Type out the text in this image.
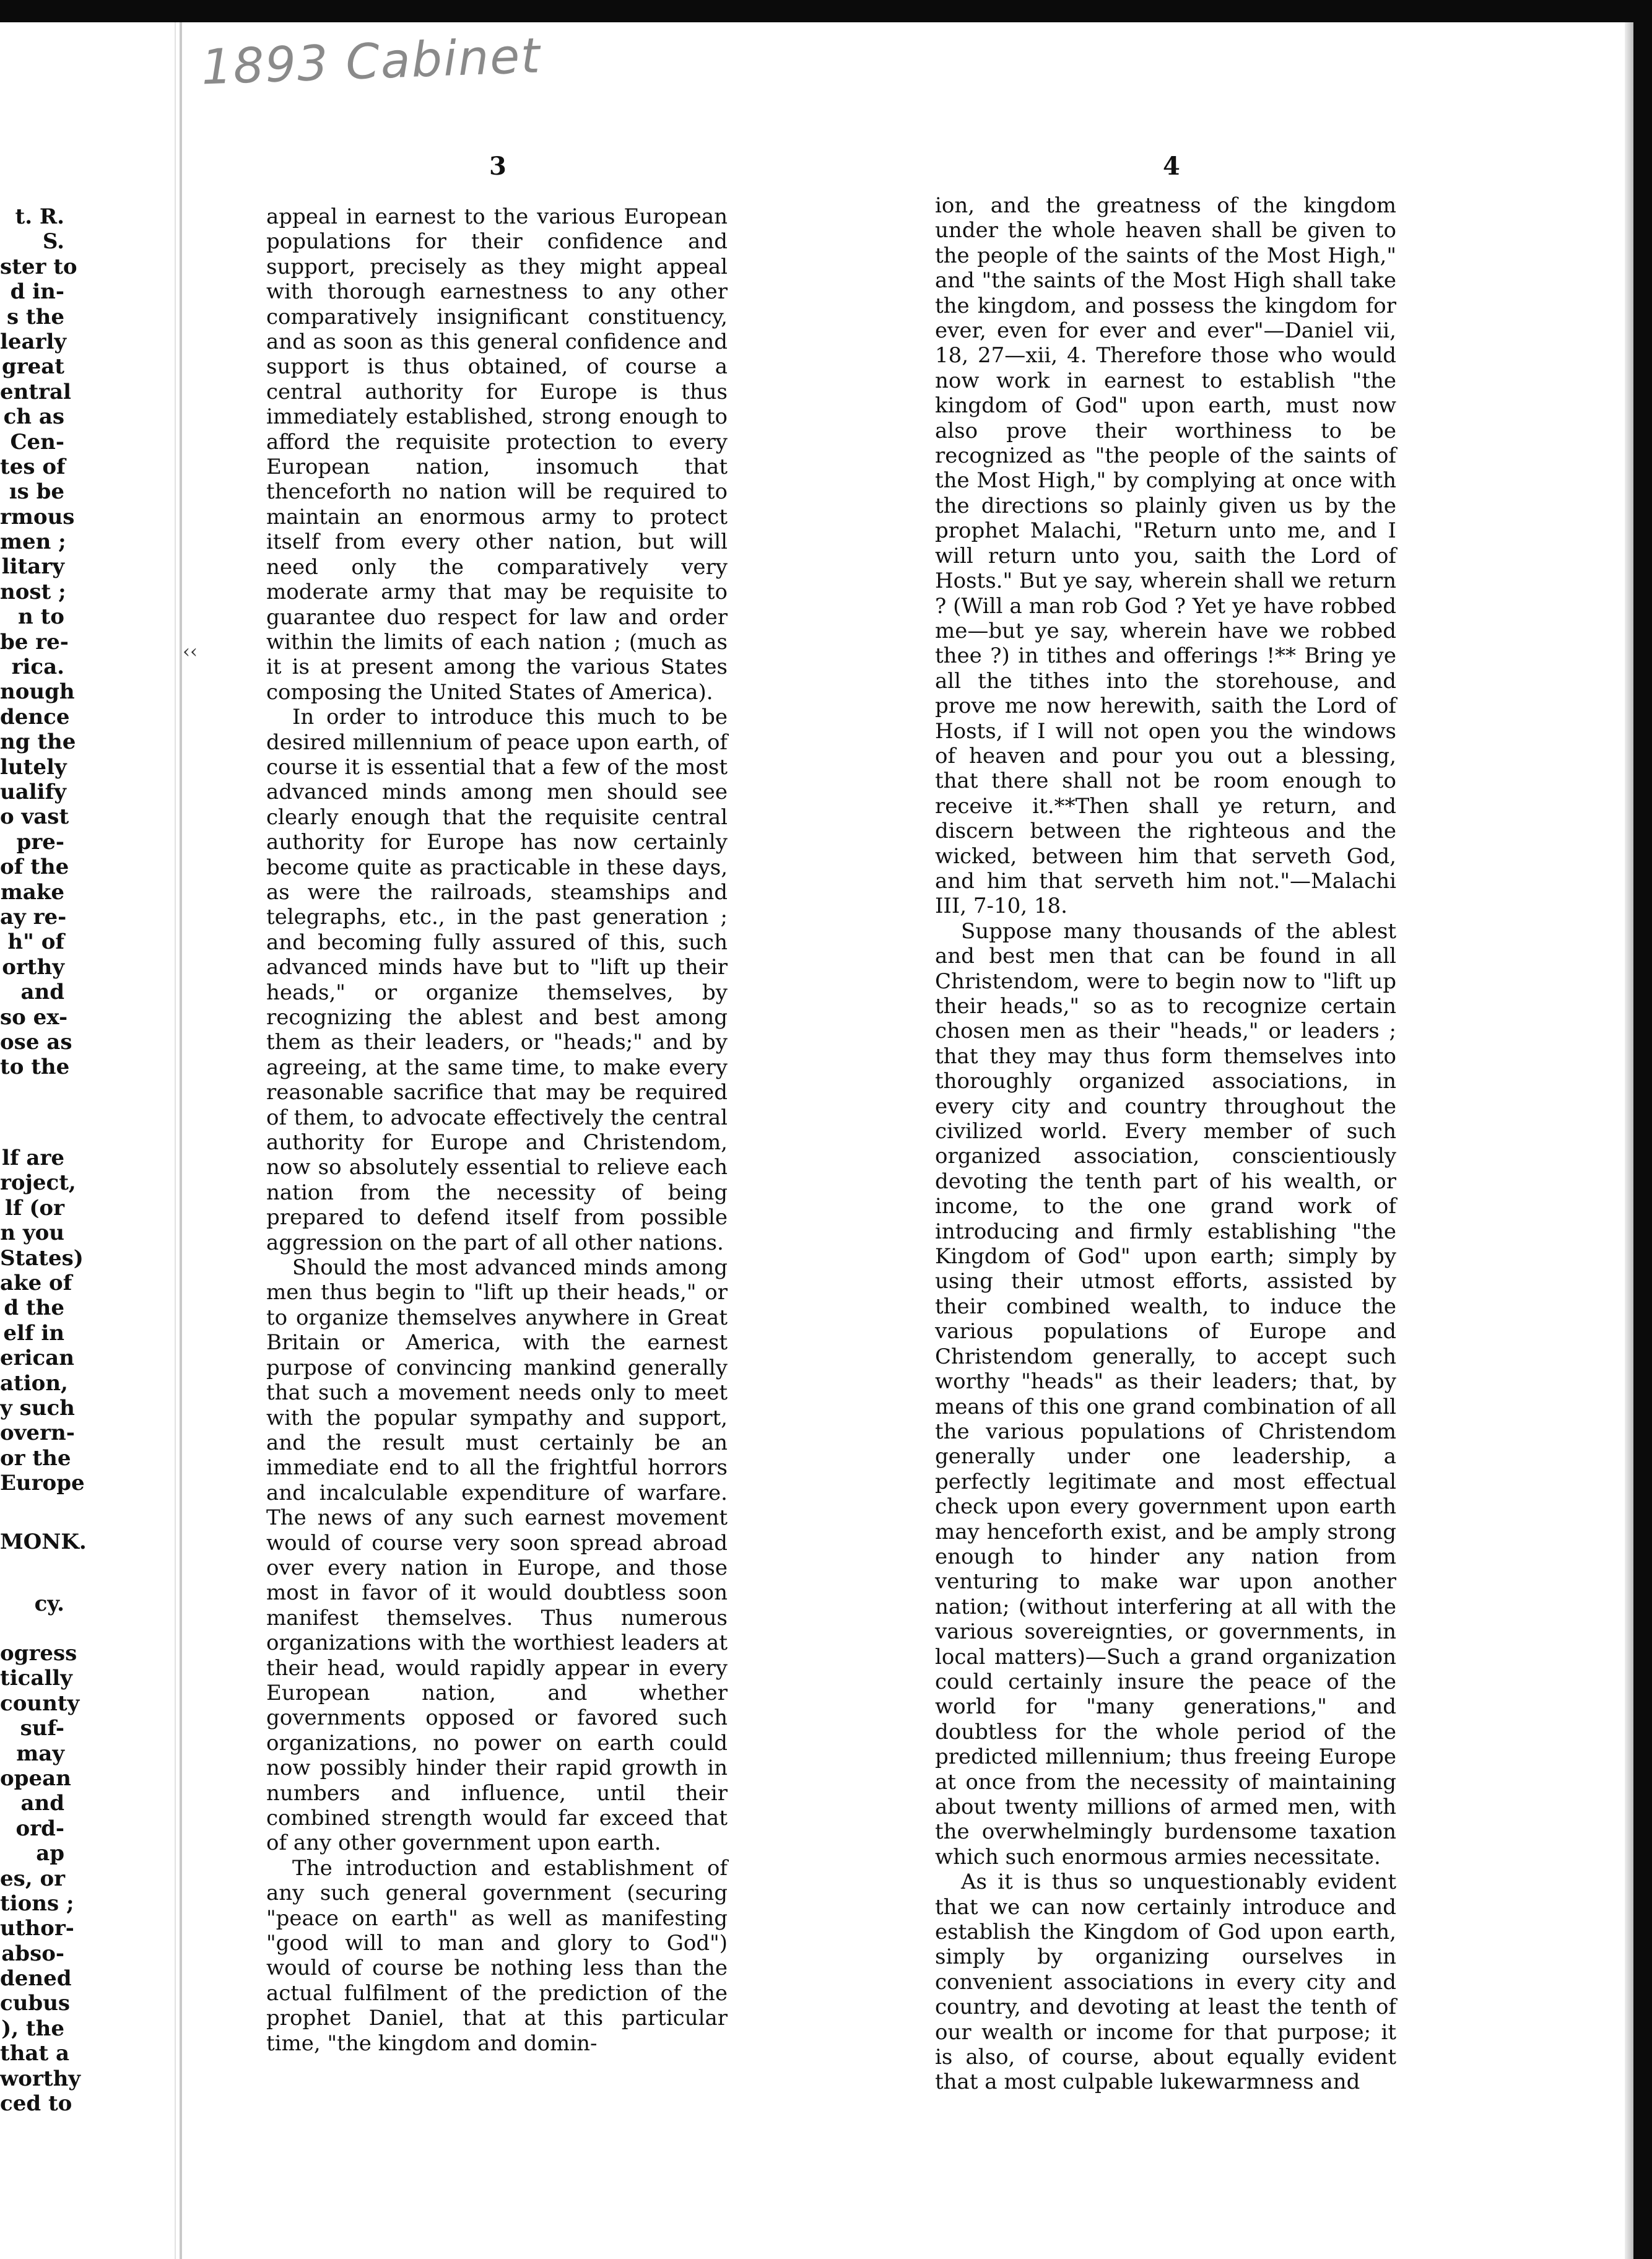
1893 Cabinet
‹‹
t. R.
S.
ster to
d in-
s the
learly
great
entral
ch as
Cen-
tes of
ıs be
rmous
men ;
litary
nost ;
n to
be re-
rica.
nough
dence
ng the
lutely
ualify
o vast
pre-
of the
make
ay re-
h" of
orthy
and
so ex-
ose as
to the
lf are
roject,
lf (or
n you
States)
ake of
d the
elf in
erican
ation,
y such
overn-
or the
Europe
MONK.
cy.
ogress
tically
county
suf-
may
opean
and
ord-
ap
es, or
tions ;
uthor-
abso-
dened
cubus
), the
that a
worthy
ced to
3

appeal in earnest to the various European populations for their confidence and support, precisely as they might appeal with thorough earnestness to any other comparatively insignificant constituency, and as soon as this general confidence and support is thus obtained, of course a central authority for Europe is thus immediately established, strong enough to afford the requisite protection to every European nation, insomuch that thenceforth no nation will be required to maintain an enormous army to protect itself from every other nation, but will need only the comparatively very moderate army that may be requisite to guarantee duo respect for law and order within the limits of each nation ; (much as it is at present among the various States composing the United States of America).

In order to introduce this much to be desired millennium of peace upon earth, of course it is essential that a few of the most advanced minds among men should see clearly enough that the requisite central authority for Europe has now certainly become quite as practicable in these days, as were the railroads, steamships and telegraphs, etc., in the past generation ; and becoming fully assured of this, such advanced minds have but to "lift up their heads," or organize themselves, by recognizing the ablest and best among them as their leaders, or "heads;" and by agreeing, at the same time, to make every reasonable sacrifice that may be required of them, to advocate effectively the central authority for Europe and Christendom, now so absolutely essential to relieve each nation from the necessity of being prepared to defend itself from possible aggression on the part of all other nations.

Should the most advanced minds among men thus begin to "lift up their heads," or to organize themselves anywhere in Great Britain or America, with the earnest purpose of convincing mankind generally that such a movement needs only to meet with the popular sympathy and support, and the result must certainly be an immediate end to all the frightful horrors and incalculable expenditure of warfare. The news of any such earnest movement would of course very soon spread abroad over every nation in Europe, and those most in favor of it would doubtless soon manifest themselves. Thus numerous organizations with the worthiest leaders at their head, would rapidly appear in every European nation, and whether governments opposed or favored such organizations, no power on earth could now possibly hinder their rapid growth in numbers and influence, until their combined strength would far exceed that of any other government upon earth.

The introduction and establishment of any such general government (securing "peace on earth" as well as manifesting "good will to man and glory to God") would of course be nothing less than the actual fulfilment of the prediction of the prophet Daniel, that at this particular time, "the kingdom and domin-

4

ion, and the greatness of the kingdom under the whole heaven shall be given to the people of the saints of the Most High," and "the saints of the Most High shall take the kingdom, and possess the kingdom for ever, even for ever and ever"—Daniel vii, 18, 27—xii, 4. Therefore those who would now work in earnest to establish "the kingdom of God" upon earth, must now also prove their worthiness to be recognized as "the people of the saints of the Most High," by complying at once with the directions so plainly given us by the prophet Malachi, "Return unto me, and I will return unto you, saith the Lord of Hosts." But ye say, wherein shall we return ? (Will a man rob God ? Yet ye have robbed me—but ye say, wherein have we robbed thee ?) in tithes and offerings !** Bring ye all the tithes into the storehouse, and prove me now herewith, saith the Lord of Hosts, if I will not open you the windows of heaven and pour you out a blessing, that there shall not be room enough to receive it.**Then shall ye return, and discern between the righteous and the wicked, between him that serveth God, and him that serveth him not."—Malachi III, 7-10, 18.

Suppose many thousands of the ablest and best men that can be found in all Christendom, were to begin now to "lift up their heads," so as to recognize certain chosen men as their "heads," or leaders ; that they may thus form themselves into thoroughly organized associations, in every city and country throughout the civilized world. Every member of such organized association, conscientiously devoting the tenth part of his wealth, or income, to the one grand work of introducing and firmly establishing "the Kingdom of God" upon earth; simply by using their utmost efforts, assisted by their combined wealth, to induce the various populations of Europe and Christendom generally, to accept such worthy "heads" as their leaders; that, by means of this one grand combination of all the various populations of Christendom generally under one leadership, a perfectly legitimate and most effectual check upon every government upon earth may henceforth exist, and be amply strong enough to hinder any nation from venturing to make war upon another nation; (without interfering at all with the various sovereignties, or governments, in local matters)—Such a grand organization could certainly insure the peace of the world for "many generations," and doubtless for the whole period of the predicted millennium; thus freeing Europe at once from the necessity of maintaining about twenty millions of armed men, with the overwhelmingly burdensome taxation which such enormous armies necessitate.

As it is thus so unquestionably evident that we can now certainly introduce and establish the Kingdom of God upon earth, simply by organizing ourselves in convenient associations in every city and country, and devoting at least the tenth of our wealth or income for that purpose; it is also, of course, about equally evident that a most culpable lukewarmness and
